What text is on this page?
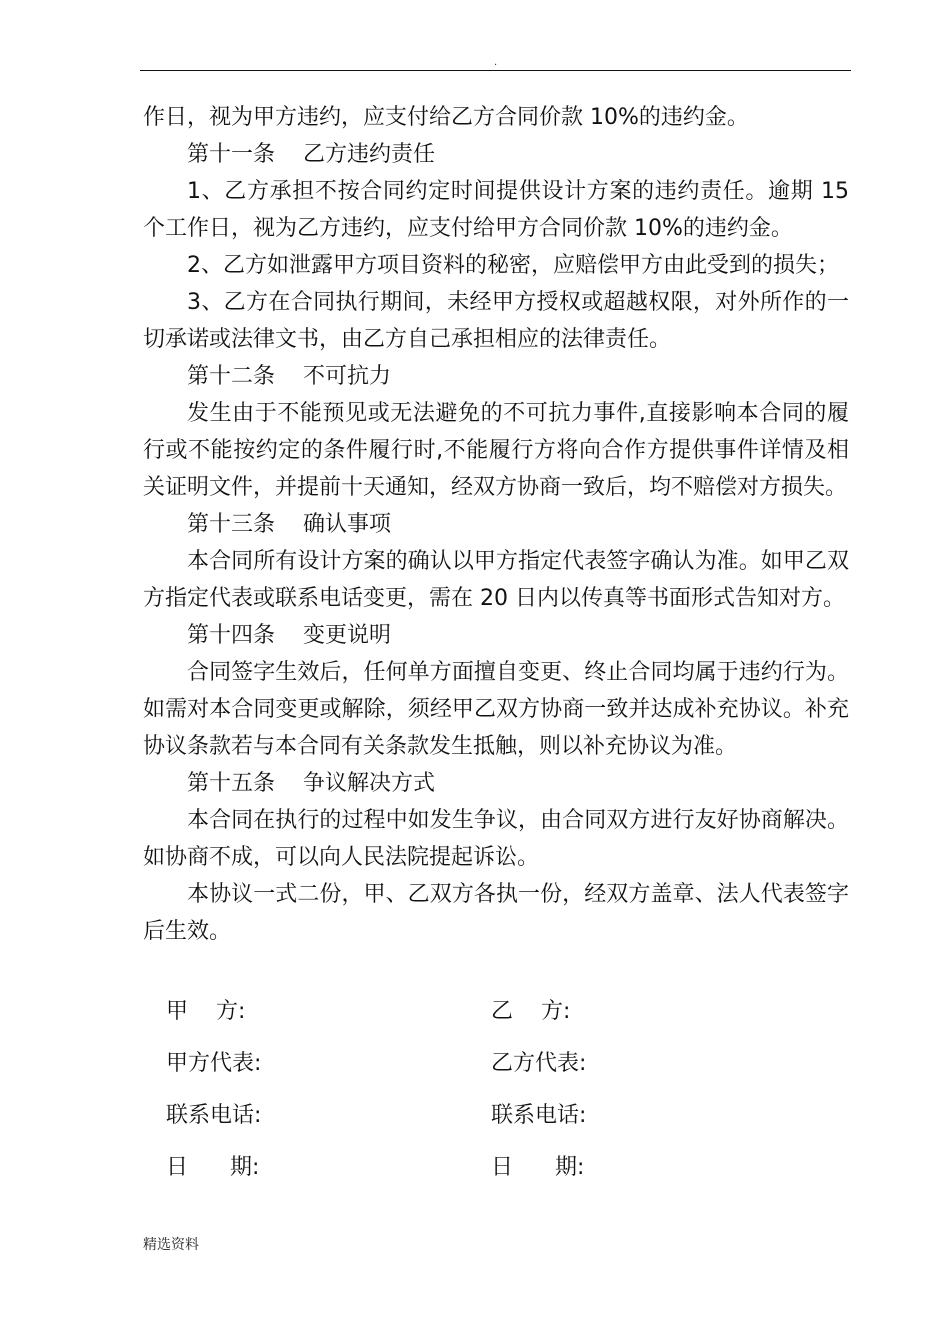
.

作日，视为甲方违约，应支付给乙方合同价款 10%的违约金。

第十一条    乙方违约责任

1、乙方承担不按合同约定时间提供设计方案的违约责任。逾期 15 个工作日，视为乙方违约，应支付给甲方合同价款 10%的违约金。

2、乙方如泄露甲方项目资料的秘密，应赔偿甲方由此受到的损失；

3、乙方在合同执行期间，未经甲方授权或超越权限，对外所作的一切承诺或法律文书，由乙方自己承担相应的法律责任。

第十二条    不可抗力

发生由于不能预见或无法避免的不可抗力事件,直接影响本合同的履行或不能按约定的条件履行时,不能履行方将向合作方提供事件详情及相关证明文件，并提前十天通知，经双方协商一致后，均不赔偿对方损失。

第十三条    确认事项

本合同所有设计方案的确认以甲方指定代表签字确认为准。如甲乙双方指定代表或联系电话变更，需在 20 日内以传真等书面形式告知对方。

第十四条    变更说明

合同签字生效后，任何单方面擅自变更、终止合同均属于违约行为。如需对本合同变更或解除，须经甲乙双方协商一致并达成补充协议。补充协议条款若与本合同有关条款发生抵触，则以补充协议为准。

第十五条    争议解决方式

本合同在执行的过程中如发生争议，由合同双方进行友好协商解决。如协商不成，可以向人民法院提起诉讼。

本协议一式二份，甲、乙双方各执一份，经双方盖章、法人代表签字后生效。

甲    方:	乙    方:
甲方代表:	乙方代表:
联系电话:	联系电话:
日      期:	日      期:
精选资料
